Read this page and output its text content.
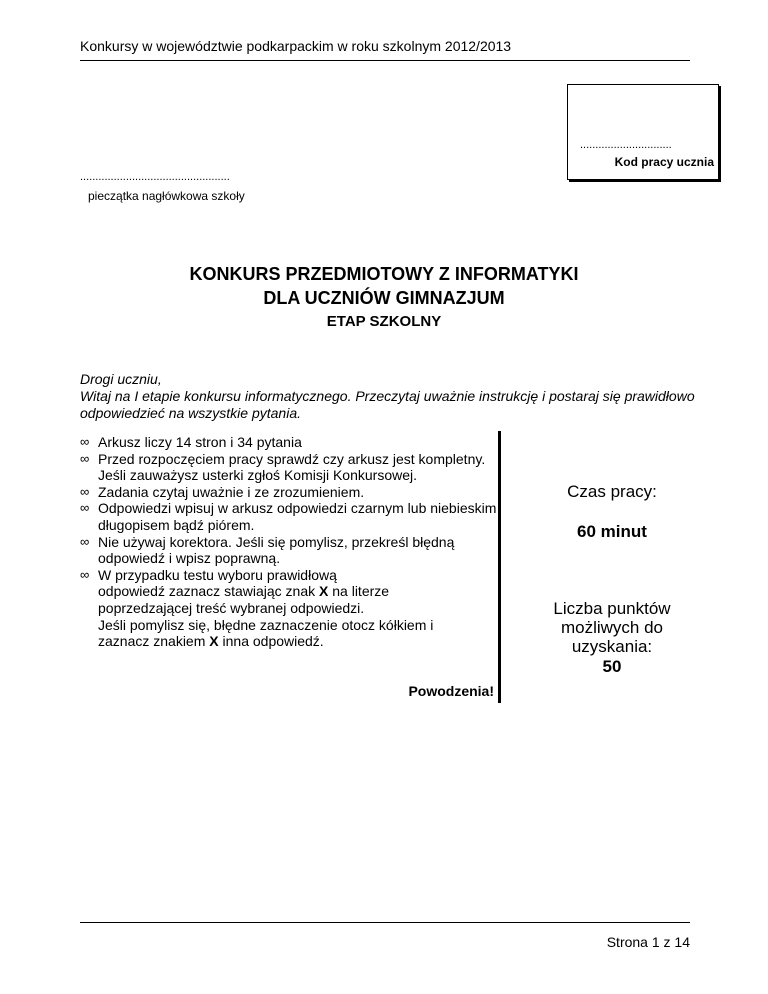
Konkursy w województwie podkarpackim w roku szkolnym 2012/2013
..............................
Kod pracy ucznia
.................................................
pieczątka nagłówkowa szkoły
KONKURS PRZEDMIOTOWY Z INFORMATYKI
DLA UCZNIÓW GIMNAZJUM
ETAP SZKOLNY
Drogi uczniu,
Witaj na I etapie konkursu informatycznego. Przeczytaj uważnie instrukcję i postaraj się prawidłowo odpowiedzieć na wszystkie pytania.
∞ Arkusz liczy 14 stron i 34 pytania
∞ Przed rozpoczęciem pracy sprawdź czy arkusz jest kompletny. Jeśli zauważysz usterki zgłoś Komisji Konkursowej.
∞ Zadania czytaj uważnie i ze zrozumieniem.
∞ Odpowiedzi wpisuj w arkusz odpowiedzi czarnym lub niebieskim długopisem bądź piórem.
∞ Nie używaj korektora. Jeśli się pomylisz, przekreśl błędną odpowiedź i wpisz poprawną.
∞ W przypadku testu wyboru prawidłową
odpowiedź zaznacz stawiając znak X na literze
poprzedzającej treść wybranej odpowiedzi.
Jeśli pomylisz się, błędne zaznaczenie otocz kółkiem i
zaznacz znakiem X inna odpowiedź.
Powodzenia!
Czas pracy:
60 minut
Liczba punktów
możliwych do
uzyskania:
50
Strona 1 z 14
